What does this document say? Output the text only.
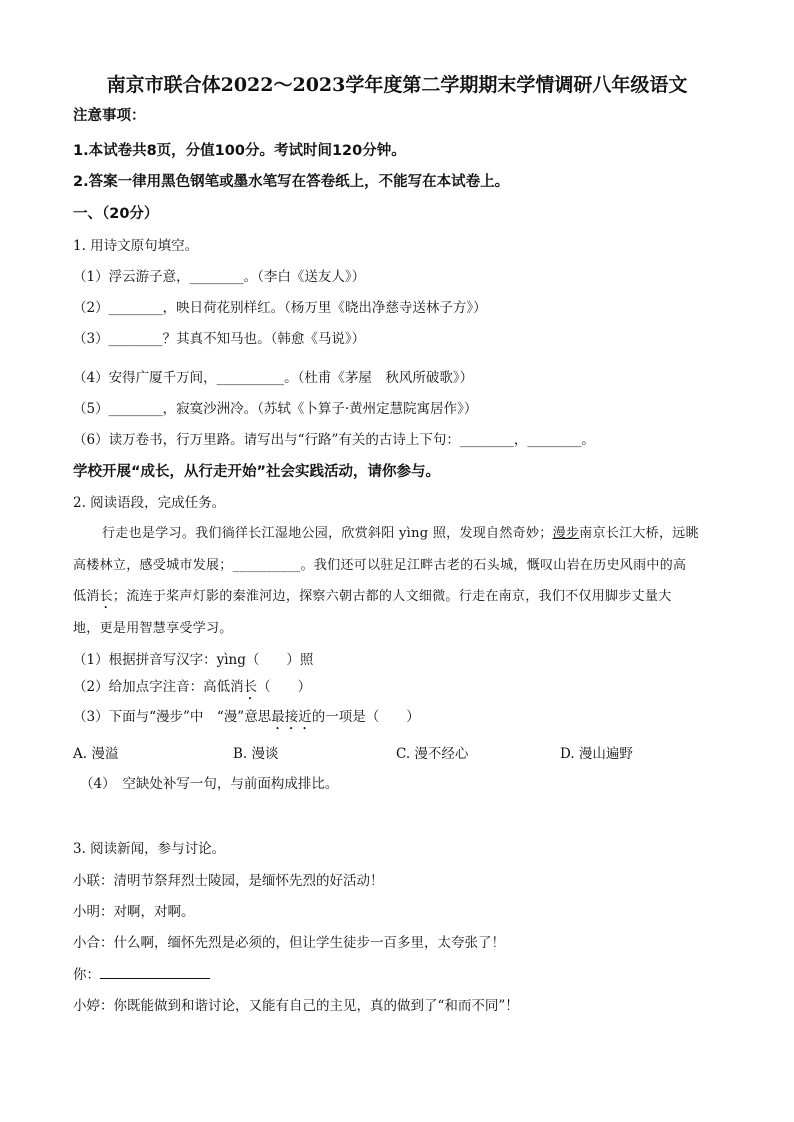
南京市联合体2022～2023学年度第二学期期末学情调研八年级语文
注意事项：
1.本试卷共8页，分值100分。考试时间120分钟。
2.答案一律用黑色钢笔或墨水笔写在答卷纸上，不能写在本试卷上。
一、（20分）
1. 用诗文原句填空。
（1）浮云游子意，________。（李白《送友人》）
（2）________，映日荷花别样红。（杨万里《晓出净慈寺送林子方》）
（3）________？其真不知马也。（韩愈《马说》）
（4）安得广厦千万间，__________。（杜甫《茅屋　秋风所破歌》）
（5）________，寂寞沙洲冷。（苏轼《卜算子·黄州定慧院寓居作》）
（6）读万卷书，行万里路。请写出与“行路”有关的古诗上下句：________，________。
学校开展“成长，从行走开始”社会实践活动，请你参与。
2. 阅读语段，完成任务。
行走也是学习。我们徜徉长江湿地公园，欣赏斜阳 yìng 照，发现自然奇妙；漫步南京长江大桥，远眺
高楼林立，感受城市发展；__________。我们还可以驻足江畔古老的石头城，慨叹山岩在历史风雨中的高
低消长；流连于桨声灯影的秦淮河边，探察六朝古都的人文细微。行走在南京，我们不仅用脚步丈量大
地，更是用智慧享受学习。
（1）根据拼音写汉字：yìng（　　）照
（2）给加点字注音：高低消长（　　）
（3）下面与“漫步”中　“漫”意思最接近的一项是（　　）
A. 漫溢	B. 漫谈	C. 漫不经心	D. 漫山遍野
（4）　空缺处补写一句，与前面构成排比。
3. 阅读新闻，参与讨论。
小联：清明节祭拜烈士陵园，是缅怀先烈的好活动！
小明：对啊，对啊。
小合：什么啊，缅怀先烈是必须的，但让学生徒步一百多里，太夸张了！
你：
小婷：你既能做到和谐讨论，又能有自己的主见，真的做到了“和而不同”！
